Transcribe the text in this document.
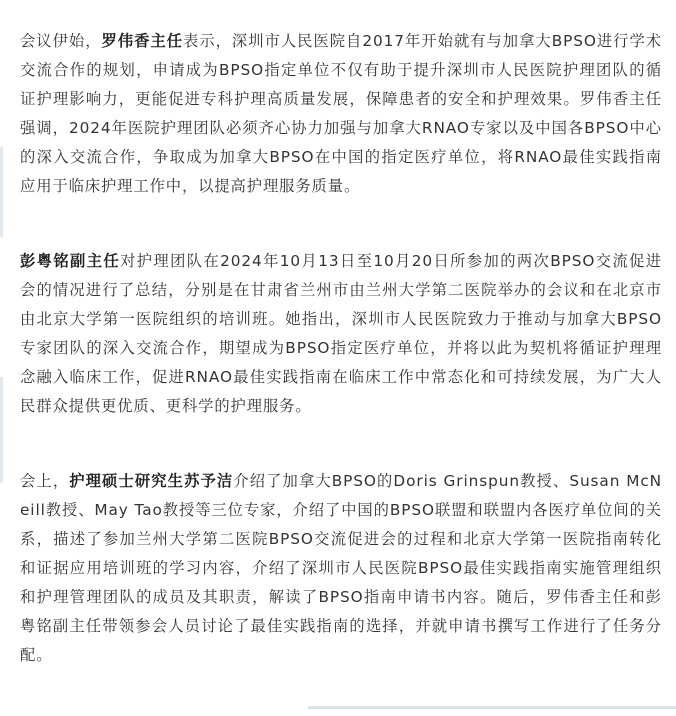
会议伊始，罗伟香主任表示，深圳市人民医院自2017年开始就有与加拿大BPSO进行学术交流合作的规划，申请成为BPSO指定单位不仅有助于提升深圳市人民医院护理团队的循证护理影响力，更能促进专科护理高质量发展，保障患者的安全和护理效果。罗伟香主任强调，2024年医院护理团队必须齐心协力加强与加拿大RNAO专家以及中国各BPSO中心的深入交流合作，争取成为加拿大BPSO在中国的指定医疗单位，将RNAO最佳实践指南应用于临床护理工作中，以提高护理服务质量。

彭粤铭副主任对护理团队在2024年10月13日至10月20日所参加的两次BPSO交流促进会的情况进行了总结，分别是在甘肃省兰州市由兰州大学第二医院举办的会议和在北京市由北京大学第一医院组织的培训班。她指出，深圳市人民医院致力于推动与加拿大BPSO专家团队的深入交流合作，期望成为BPSO指定医疗单位，并将以此为契机将循证护理理念融入临床工作，促进RNAO最佳实践指南在临床工作中常态化和可持续发展，为广大人民群众提供更优质、更科学的护理服务。

会上，护理硕士研究生苏予洁介绍了加拿大BPSO的Doris Grinspun教授、Susan McNeill教授、May Tao教授等三位专家，介绍了中国的BPSO联盟和联盟内各医疗单位间的关系，描述了参加兰州大学第二医院BPSO交流促进会的过程和北京大学第一医院指南转化和证据应用培训班的学习内容，介绍了深圳市人民医院BPSO最佳实践指南实施管理组织和护理管理团队的成员及其职责，解读了BPSO指南申请书内容。随后，罗伟香主任和彭粤铭副主任带领参会人员讨论了最佳实践指南的选择，并就申请书撰写工作进行了任务分配。
